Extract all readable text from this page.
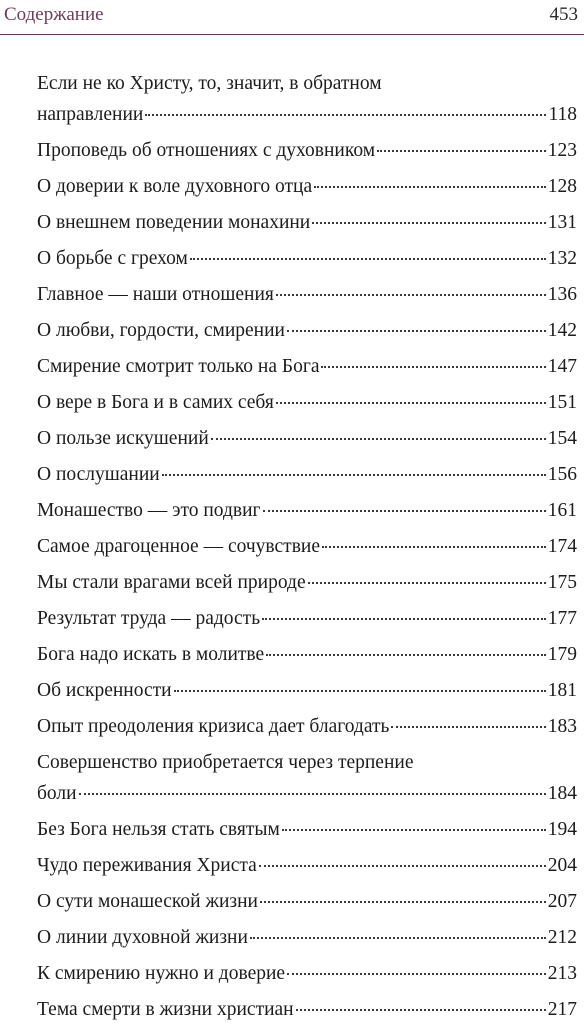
Содержание	453
Если не ко Христу, то, значит, в обратном
направлении	118
Проповедь об отношениях с духовником	123
О доверии к воле духовного отца	128
О внешнем поведении монахини	131
О борьбе с грехом	132
Главное — наши отношения	136
О любви, гордости, смирении	142
Смирение смотрит только на Бога	147
О вере в Бога и в самих себя	151
О пользе искушений	154
О послушании	156
Монашество — это подвиг	161
Самое драгоценное — сочувствие	174
Мы стали врагами всей природе	175
Результат труда — радость	177
Бога надо искать в молитве	179
Об искренности	181
Опыт преодоления кризиса дает благодать	183
Совершенство приобретается через терпение
боли	184
Без Бога нельзя стать святым	194
Чудо переживания Христа	204
О сути монашеской жизни	207
О линии духовной жизни	212
К смирению нужно и доверие	213
Тема смерти в жизни христиан	217
